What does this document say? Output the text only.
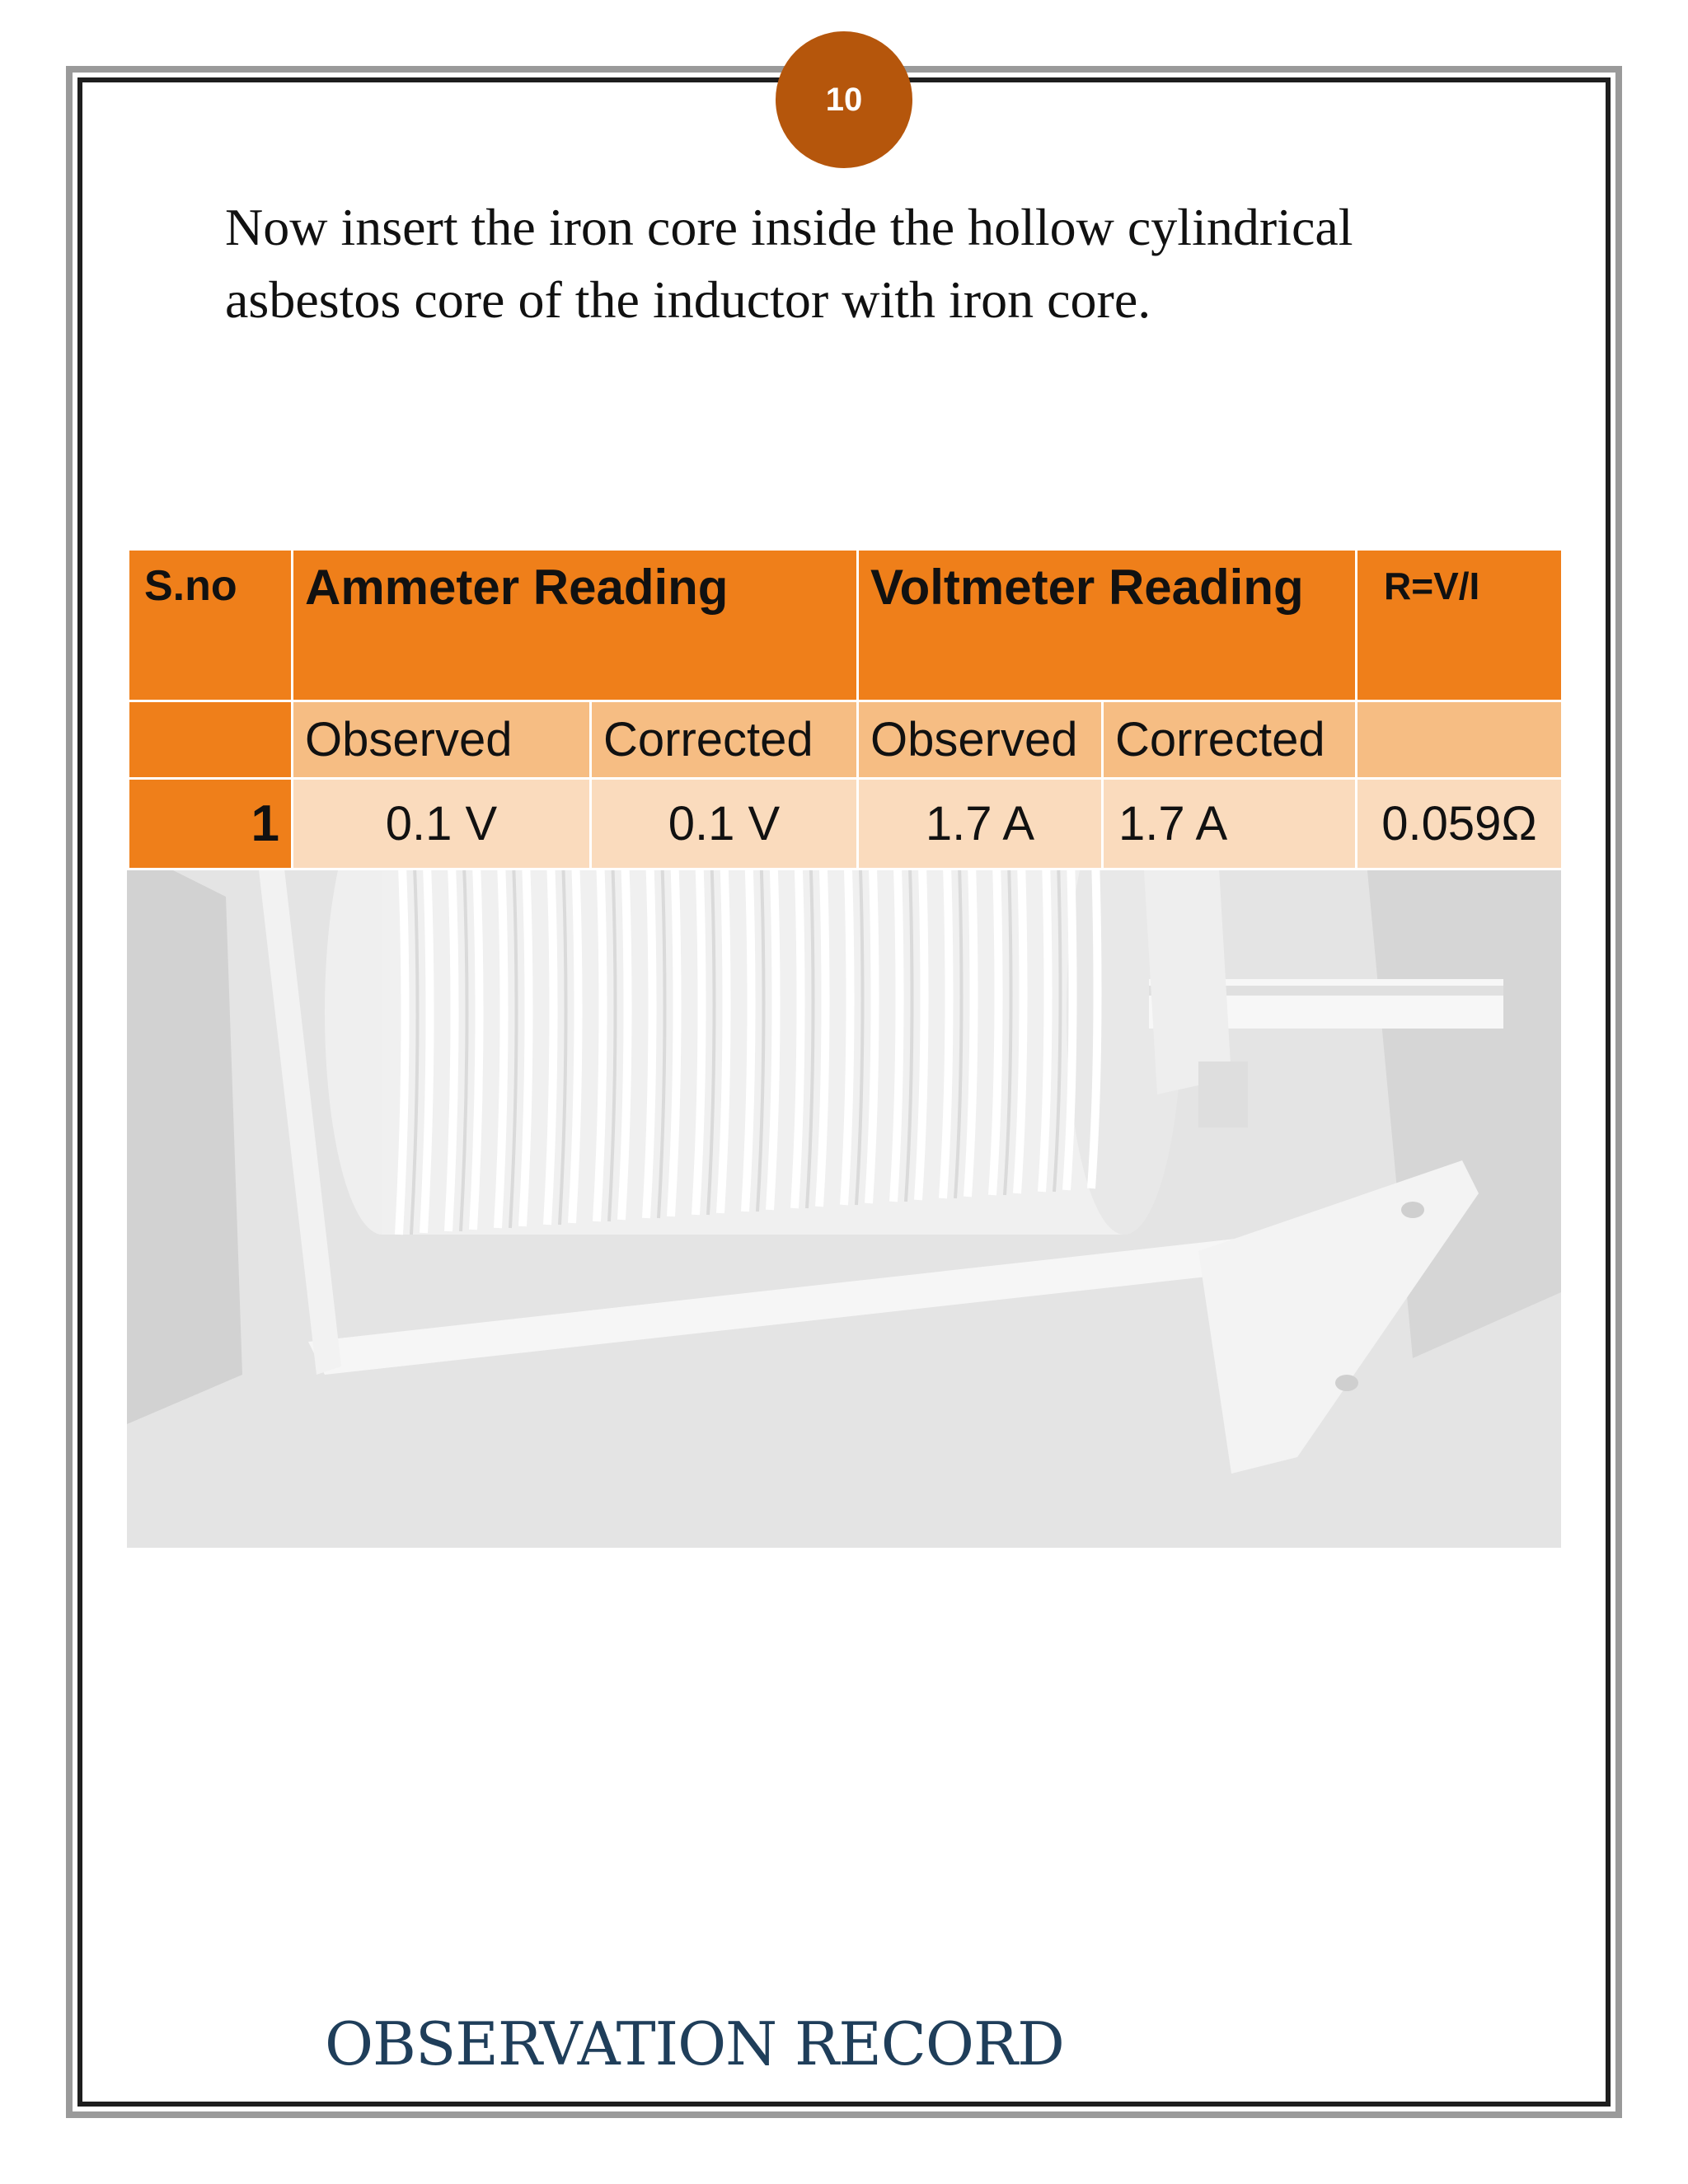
10

Now insert the iron core inside the hollow cylindrical asbestos core of the inductor with iron core.

OBSERVATION RECORD
S.no	Ammeter Reading		Voltmeter Reading		R=V/I
	Observed	Corrected	Observed	Corrected	
1	0.1 V	0.1 V	1.7 A	1.7 A	0.059Ω
